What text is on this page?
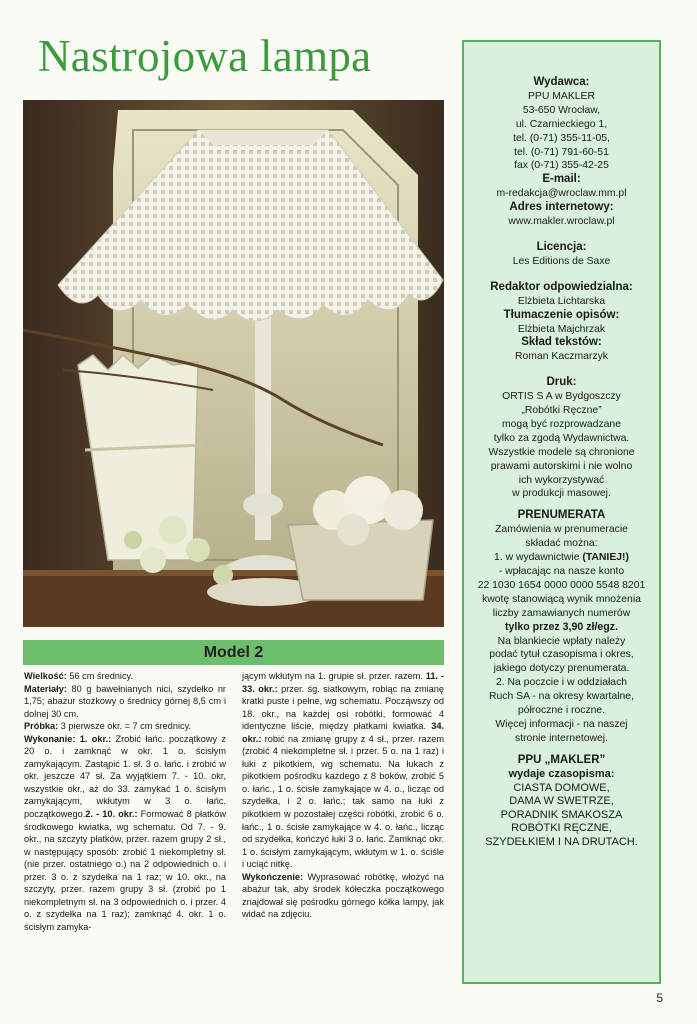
Nastrojowa lampa
Model 2

Wielkość: 56 cm średnicy.

Materiały: 80 g bawełnianych nici, szydełko nr 1,75; abażur stożkowy o średnicy górnej 8,5 cm i dolnej 30 cm.

Próbka: 3 pierwsze okr. = 7 cm średnicy.

Wykonanie: 1. okr.: Zrobić łańc. początkowy z 20 o. i zamknąć w okr. 1 o. ścisłym zamykającym. Zastąpić 1. sł. 3 o. łańc. i zrobić w okr. jeszcze 47 sł. Za wyjątkiem 7. - 10. okr, wszystkie okr., aż do 33. zamykać 1 o. ścisłym zamykającym, wkłutym w 3 o. łańc. początkowego.2. - 10. okr.: Formować 8 płatków środkowego kwiatka, wg schematu. Od 7. - 9. okr., na szczyty płatków, przer. razem grupy 2 sł., w następujący sposób: zrobić 1 niekompletny sł. (nie przer. ostatniego o.) na 2 odpowiednich o. i przer. 3 o. z szydełka na 1 raz; w 10. okr., na szczyty, przer. razem grupy 3 sł. (zrobić po 1 niekompletnym sł. na 3 odpowiednich o. i przer. 4 o. z szydełka na 1 raz); zamknąć 4. okr. 1 o. ścisłym zamyka-

jącym wkłutym na 1. grupie sł. przer. razem. 11. - 33. okr.: przer. śg. siatkowym, robiąc na zmianę kratki puste i pełne, wg schematu. Począwszy od 18. okr., na każdej osi robótki, formować 4 identyczne liście, między płatkami kwiatka. 34. okr.: robić na zmianę grupy z 4 sł., przer. razem (zrobić 4 niekompletne sł. i przer. 5 o. na 1 raz) i łuki z pikotkiem, wg schematu. Na łukach z pikotkiem pośrodku każdego z 8 boków, zrobić 5 o. łańc., 1 o. ścisłe zamykające w 4. o., licząc od szydełka, i 2 o. łańc.; tak samo na łuki z pikotkiem w pozostałej części robótki, zrobić 6 o. łańc., 1 o. ścisłe zamykające w 4. o. łańc., licząc od szydełka, kończyć łuki 3 o. łańc. Zamknąć okr. 1 o. ścisłym zamykającym, wkłutym w 1. o. ściśle i uciąć nitkę.

Wykończenie: Wyprasować robótkę, włożyć na abażur tak, aby środek kółeczka początkowego znajdował się pośrodku górnego kółka lampy, jak widać na zdjęciu.

Wydawca:
PPU MAKLER
53-650 Wrocław,
ul. Czarnieckiego 1,
tel. (0-71) 355-11-05,
tel. (0-71) 791-60-51
fax (0-71) 355-42-25
E-mail:
m-redakcja@wroclaw.mm.pl
Adres internetowy:
www.makler.wroclaw.pl
Licencja:
Les Editions de Saxe
Redaktor odpowiedzialna:
Elżbieta Lichtarska
Tłumaczenie opisów:
Elżbieta Majchrzak
Skład tekstów:
Roman Kaczmarzyk
Druk:
ORTIS S A w Bydgoszczy
„Robótki Ręczne”
mogą być rozprowadzane
tylko za zgodą Wydawnictwa.
Wszystkie modele są chronione
prawami autorskimi i nie wolno
ich wykorzystywać
w produkcji masowej.
PRENUMERATA
Zamówienia w prenumeracie
składać można:
1. w wydawnictwie (TANIEJ!)
- wpłacając na nasze konto
22 1030 1654 0000 0000 5548 8201
kwotę stanowiącą wynik mnożenia
liczby zamawianych numerów
tylko przez 3,90 zł/egz.
Na blankiecie wpłaty należy
podać tytuł czasopisma i okres,
jakiego dotyczy prenumerata.
2. Na poczcie i w oddziałach
Ruch SA - na okresy kwartalne,
półroczne i roczne.
Więcej informacji - na naszej
stronie internetowej.
PPU „MAKLER”
wydaje czasopisma:
CIASTA DOMOWE,
DAMA W SWETRZE,
PORADNIK SMAKOSZA
ROBÓTKI RĘCZNE,
SZYDEŁKIEM I NA DRUTACH.
5
